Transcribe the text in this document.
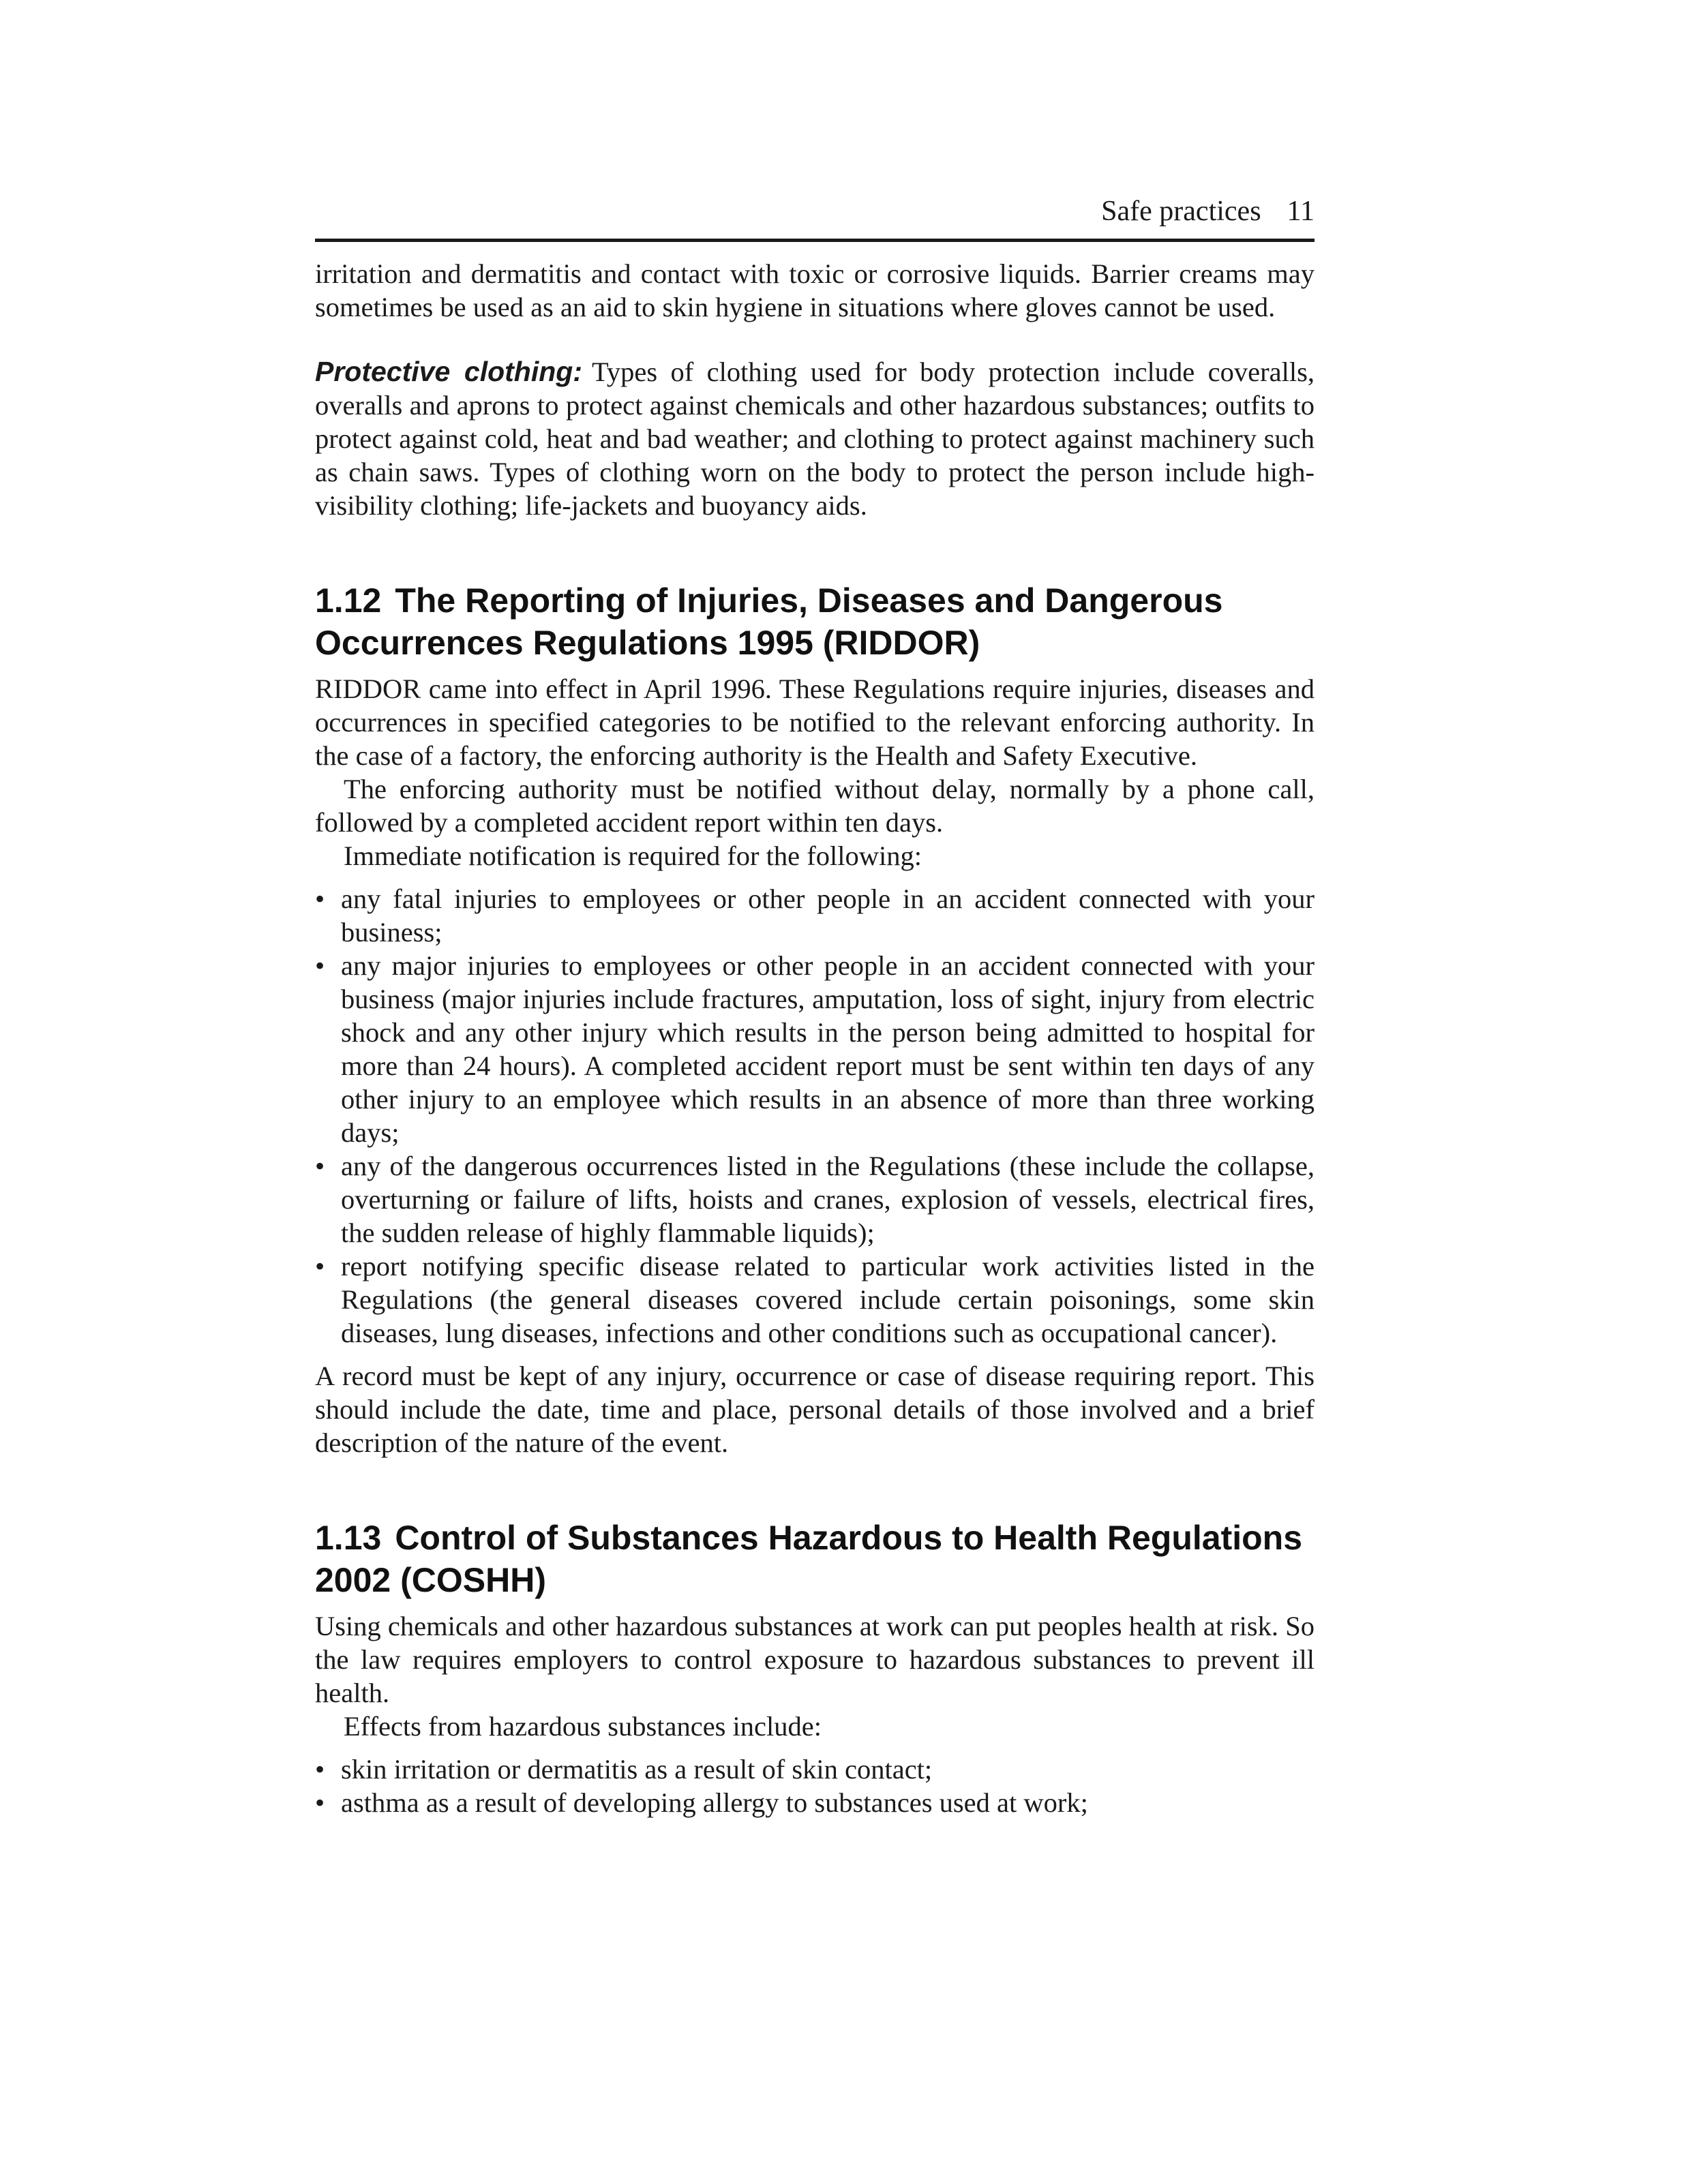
Safe practices 11

irritation and dermatitis and contact with toxic or corrosive liquids. Barrier creams may sometimes be used as an aid to skin hygiene in situations where gloves cannot be used.

Protective clothing: Types of clothing used for body protection include coveralls, overalls and aprons to protect against chemicals and other hazardous substances; outfits to protect against cold, heat and bad weather; and clothing to protect against machinery such as chain saws. Types of clothing worn on the body to protect the person include high-visibility clothing; life-jackets and buoyancy aids.

1.12 The Reporting of Injuries, Diseases and Dangerous Occurrences Regulations 1995 (RIDDOR)

RIDDOR came into effect in April 1996. These Regulations require injuries, diseases and occurrences in specified categories to be notified to the relevant enforcing authority. In the case of a factory, the enforcing authority is the Health and Safety Executive.

The enforcing authority must be notified without delay, normally by a phone call, followed by a completed accident report within ten days.

Immediate notification is required for the following:

• any fatal injuries to employees or other people in an accident connected with your business;
• any major injuries to employees or other people in an accident connected with your business (major injuries include fractures, amputation, loss of sight, injury from electric shock and any other injury which results in the person being admitted to hospital for more than 24 hours). A completed accident report must be sent within ten days of any other injury to an employee which results in an absence of more than three working days;
• any of the dangerous occurrences listed in the Regulations (these include the collapse, overturning or failure of lifts, hoists and cranes, explosion of vessels, electrical fires, the sudden release of highly flammable liquids);
• report notifying specific disease related to particular work activities listed in the Regulations (the general diseases covered include certain poisonings, some skin diseases, lung diseases, infections and other conditions such as occupational cancer).

A record must be kept of any injury, occurrence or case of disease requiring report. This should include the date, time and place, personal details of those involved and a brief description of the nature of the event.

1.13 Control of Substances Hazardous to Health Regulations 2002 (COSHH)

Using chemicals and other hazardous substances at work can put peoples health at risk. So the law requires employers to control exposure to hazardous substances to prevent ill health.

Effects from hazardous substances include:

• skin irritation or dermatitis as a result of skin contact;
• asthma as a result of developing allergy to substances used at work;
